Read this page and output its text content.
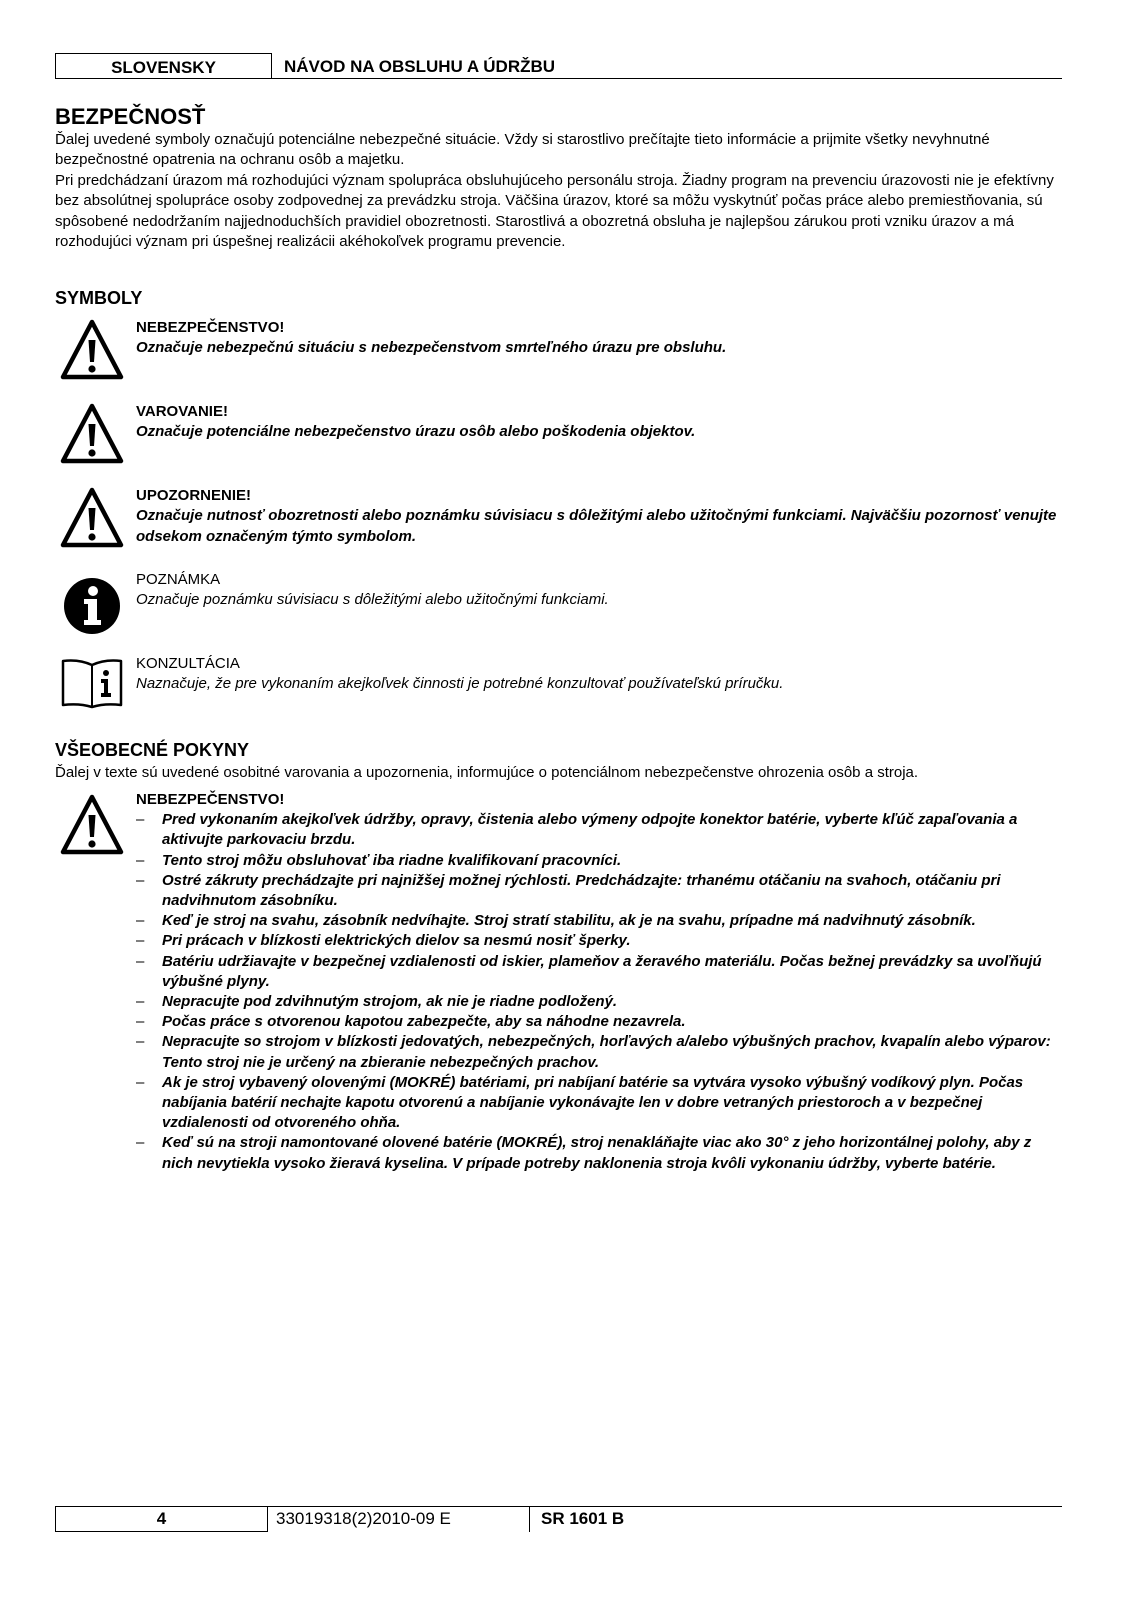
SLOVENSKY	NÁVOD NA OBSLUHU A ÚDRŽBU
BEZPEČNOSŤ

Ďalej uvedené symboly označujú potenciálne nebezpečné situácie. Vždy si starostlivo prečítajte tieto informácie a prijmite všetky nevyhnutné bezpečnostné opatrenia na ochranu osôb a majetku.

Pri predchádzaní úrazom má rozhodujúci význam spolupráca obsluhujúceho personálu stroja. Žiadny program na prevenciu úrazovosti nie je efektívny bez absolútnej spolupráce osoby zodpovednej za prevádzku stroja. Väčšina úrazov, ktoré sa môžu vyskytnúť počas práce alebo premiestňovania, sú spôsobené nedodržaním najjednoduchších pravidiel obozretnosti. Starostlivá a obozretná obsluha je najlepšou zárukou proti vzniku úrazov a má rozhodujúci význam pri úspešnej realizácii akéhokoľvek programu prevencie.

SYMBOLY
NEBEZPEČENSTVO!
Označuje nebezpečnú situáciu s nebezpečenstvom smrteľného úrazu pre obsluhu.
VAROVANIE!
Označuje potenciálne nebezpečenstvo úrazu osôb alebo poškodenia objektov.
UPOZORNENIE!
Označuje nutnosť obozretnosti alebo poznámku súvisiacu s dôležitými alebo užitočnými funkciami. Najväčšiu pozornosť venujte odsekom označeným týmto symbolom.
POZNÁMKA
Označuje poznámku súvisiacu s dôležitými alebo užitočnými funkciami.
KONZULTÁCIA
Naznačuje, že pre vykonaním akejkoľvek činnosti je potrebné konzultovať používateľskú príručku.
VŠEOBECNÉ POKYNY
Ďalej v texte sú uvedené osobitné varovania a upozornenia, informujúce o potenciálnom nebezpečenstve ohrozenia osôb a stroja.
NEBEZPEČENSTVO!
– Pred vykonaním akejkoľvek údržby, opravy, čistenia alebo výmeny odpojte konektor batérie, vyberte kľúč zapaľovania a aktivujte parkovaciu brzdu.
– Tento stroj môžu obsluhovať iba riadne kvalifikovaní pracovníci.
– Ostré zákruty prechádzajte pri najnižšej možnej rýchlosti. Predchádzajte: trhanému otáčaniu na svahoch, otáčaniu pri nadvihnutom zásobníku.
– Keď je stroj na svahu, zásobník nedvíhajte. Stroj stratí stabilitu, ak je na svahu, prípadne má nadvihnutý zásobník.
– Pri prácach v blízkosti elektrických dielov sa nesmú nosiť šperky.
– Batériu udržiavajte v bezpečnej vzdialenosti od iskier, plameňov a žeravého materiálu. Počas bežnej prevádzky sa uvoľňujú výbušné plyny.
– Nepracujte pod zdvihnutým strojom, ak nie je riadne podložený.
– Počas práce s otvorenou kapotou zabezpečte, aby sa náhodne nezavrela.
– Nepracujte so strojom v blízkosti jedovatých, nebezpečných, horľavých a/alebo výbušných prachov, kvapalín alebo výparov: Tento stroj nie je určený na zbieranie nebezpečných prachov.
– Ak je stroj vybavený olovenými (MOKRÉ) batériami, pri nabíjaní batérie sa vytvára vysoko výbušný vodíkový plyn. Počas nabíjania batérií nechajte kapotu otvorenú a nabíjanie vykonávajte len v dobre vetraných priestoroch a v bezpečnej vzdialenosti od otvoreného ohňa.
– Keď sú na stroji namontované olovené batérie (MOKRÉ), stroj nenakláňajte viac ako 30° z jeho horizontálnej polohy, aby z nich nevytiekla vysoko žieravá kyselina. V prípade potreby naklonenia stroja kvôli vykonaniu údržby, vyberte batérie.
4	33019318(2)2010-09 E	SR 1601 B
